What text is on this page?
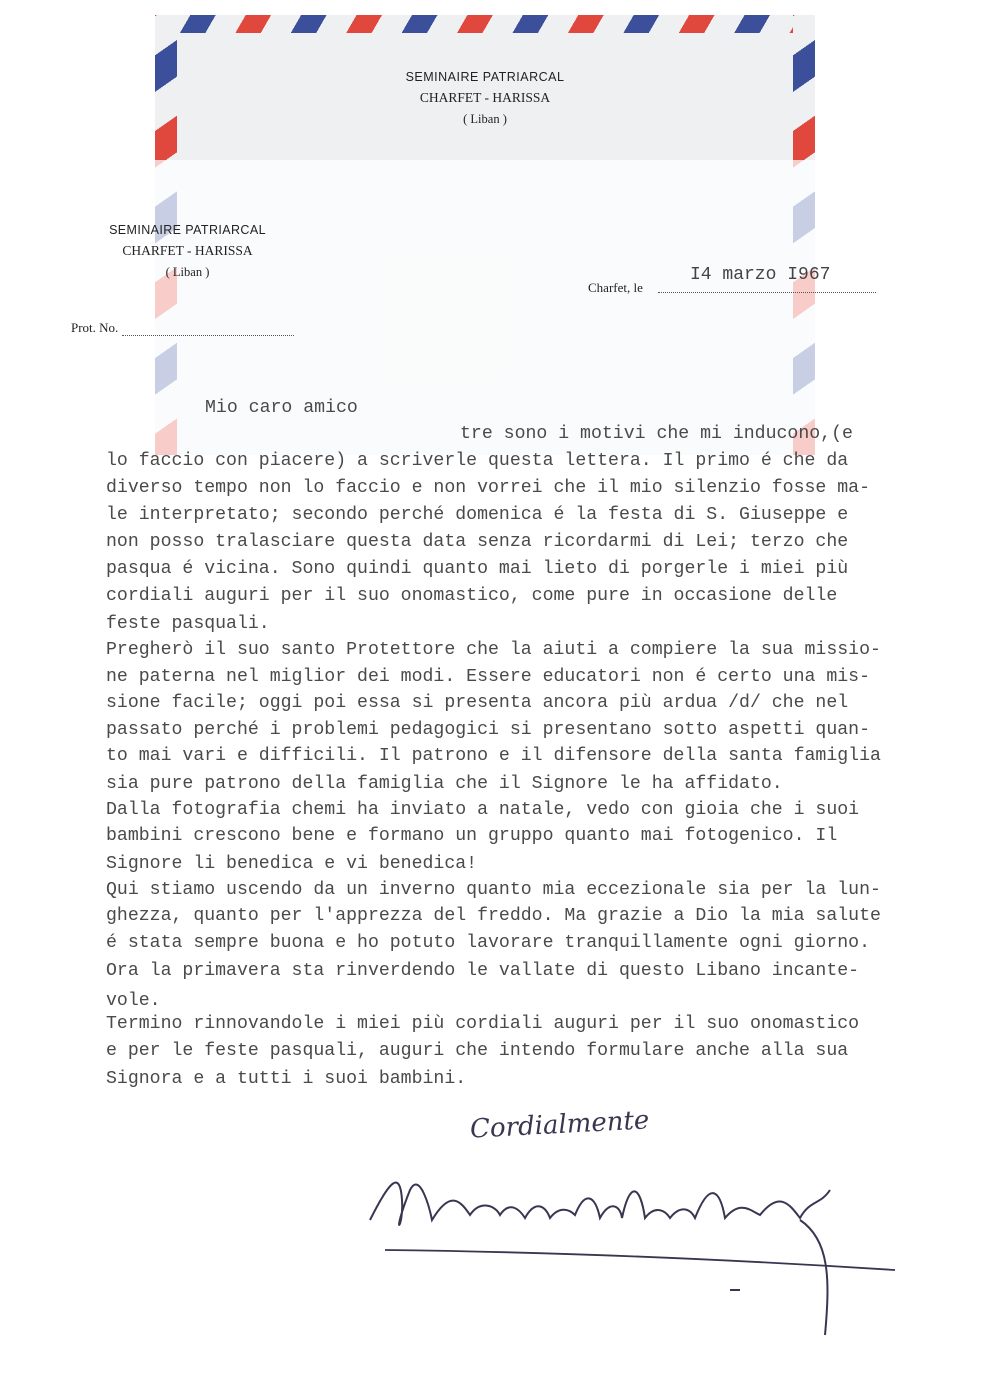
SEMINAIRE PATRIARCAL
CHARFET - HARISSA
( Liban )
SEMINAIRE PATRIARCAL
CHARFET - HARISSA
( Liban )
Prot. No.
Charfet, le
I4 marzo I967
Mio caro amico
tre sono i motivi che mi inducono,(e
lo faccio con piacere) a scriverle questa lettera. Il primo é che da
diverso tempo non lo faccio e non vorrei che il mio silenzio fosse ma-
le interpretato; secondo perché domenica é la festa di S. Giuseppe e
non posso tralasciare questa data senza ricordarmi di Lei; terzo che
pasqua é vicina. Sono quindi quanto mai lieto di porgerle i miei più
cordiali auguri per il suo onomastico, come pure in occasione delle
feste pasquali.
Pregherò il suo santo Protettore che la aiuti a compiere la sua missio-
ne paterna nel miglior dei modi. Essere educatori non é certo una mis-
sione facile; oggi poi essa si presenta ancora più ardua /d/ che nel
passato perché i problemi pedagogici si presentano sotto aspetti quan-
to mai vari e difficili. Il patrono e il difensore della santa famiglia
sia pure patrono della famiglia che il Signore le ha affidato.
Dalla fotografia chemi ha inviato a natale, vedo con gioia che i suoi
bambini crescono bene e formano un gruppo quanto mai fotogenico. Il
Signore li benedica e vi benedica!
Qui stiamo uscendo da un inverno quanto mia eccezionale sia per la lun-
ghezza, quanto per l'apprezza del freddo. Ma grazie a Dio la mia salute
é stata sempre buona e ho potuto lavorare tranquillamente ogni giorno.
Ora la primavera sta rinverdendo le vallate di questo Libano incante-
vole.
Termino rinnovandole i miei più cordiali auguri per il suo onomastico
e per le feste pasquali, auguri che intendo formulare anche alla sua
Signora e a tutti i suoi bambini.
Cordialmente
